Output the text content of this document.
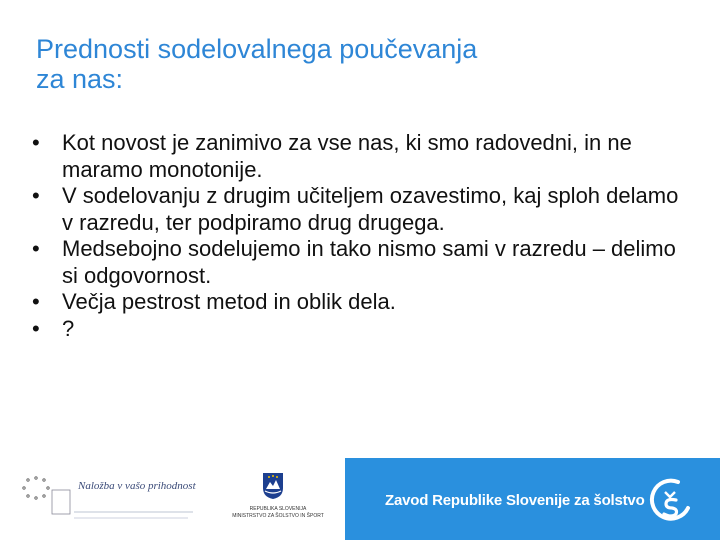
Prednosti sodelovalnega poučevanja
za nas:
• Kot novost je zanimivo za vse nas, ki smo radovedni, in ne maramo monotonije.
• V sodelovanju z drugim učiteljem ozavestimo, kaj sploh delamo v razredu, ter podpiramo drug drugega.
• Medsebojno sodelujemo in tako nismo sami v razredu – delimo si odgovornost.
• Večja pestrost metod in oblik dela.
• ?
Naložba v vašo prihodnost
REPUBLIKA SLOVENIJA
MINISTRSTVO ZA ŠOLSTVO IN ŠPORT
Zavod Republike Slovenije za šolstvo
